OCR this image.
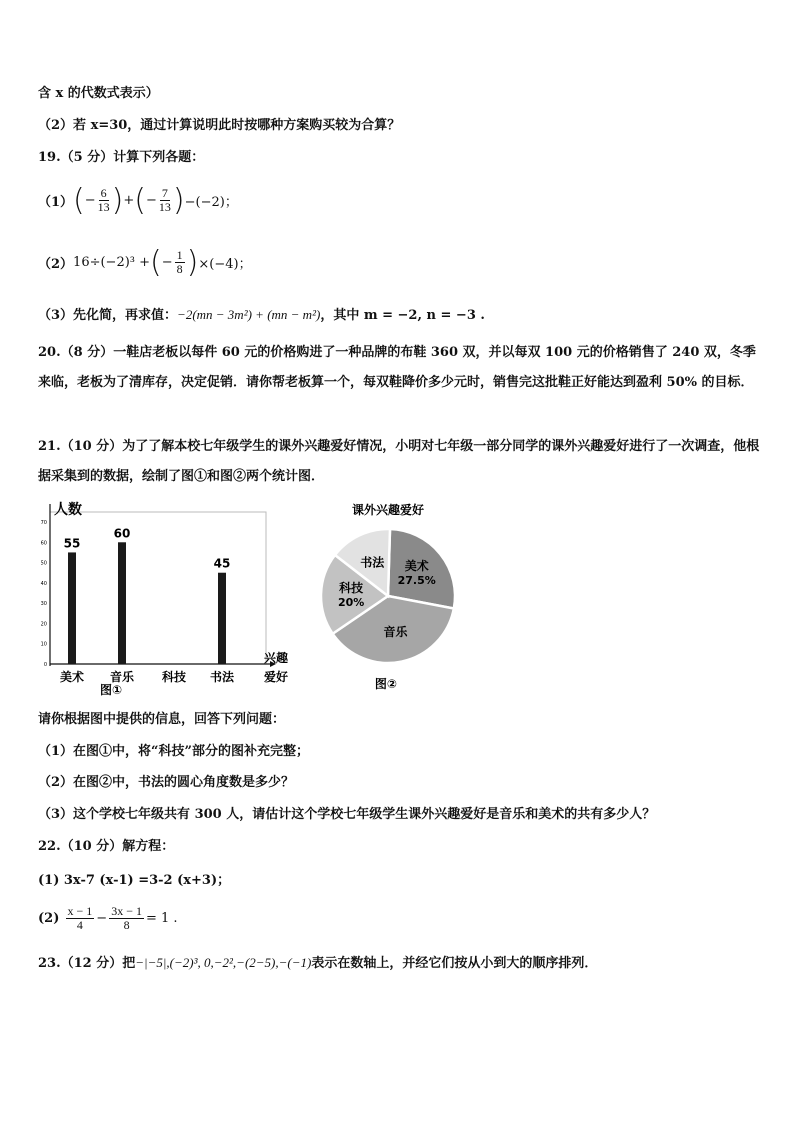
含 x 的代数式表示）
（2）若 x=30，通过计算说明此时按哪种方案购买较为合算？
19.（5 分）计算下列各题：
（1） ( − $\frac{6}{13}$ ) + ( − $\frac{7}{13}$ ) −(−2)；
（2） 16÷(−2)³ + ( − $\frac{1}{8}$ ) ×(−4)；
（3）先化简，再求值：−2(mn − 3m²) + (mn − m²)，其中 m = −2, n = −3 .
20.（8 分）一鞋店老板以每件 60 元的价格购进了一种品牌的布鞋 360 双，并以每双 100 元的价格销售了 240 双，冬季来临，老板为了清库存，决定促销．请你帮老板算一个，每双鞋降价多少元时，销售完这批鞋正好能达到盈利 50% 的目标．
21.（10 分）为了了解本校七年级学生的课外兴趣爱好情况，小明对七年级一部分同学的课外兴趣爱好进行了一次调查，他根据采集到的数据，绘制了图①和图②两个统计图．
人数
0
10
20
30
40
50
60
70
55
美术
60
音乐 科技
45
书法
兴趣
爱好
图①
课外兴趣爱好
美术
27.5%
音乐
科技
20%
书法
图②
请你根据图中提供的信息，回答下列问题：
（1）在图①中，将“科技”部分的图补充完整；
（2）在图②中，书法的圆心角度数是多少？
（3）这个学校七年级共有 300 人，请估计这个学校七年级学生课外兴趣爱好是音乐和美术的共有多少人？
22.（10 分）解方程：
(1) 3x-7 (x-1) =3-2 (x+3)；
(2)
$\frac{x - 1}{4} - \frac{3x - 1}{8} = 1$ .
23.（12 分）把−|−5|,(−2)³, 0,−2²,−(2−5),−(−1)表示在数轴上，并经它们按从小到大的顺序排列．
